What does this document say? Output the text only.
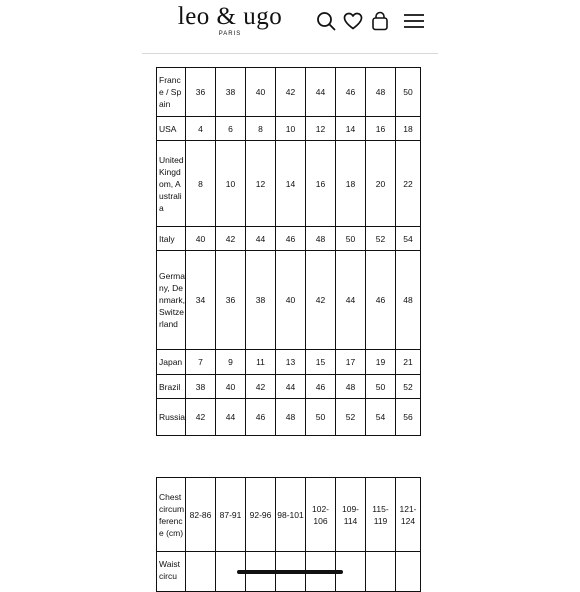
leo & ugo
PARIS
France / Spain	36	38	40	42	44	46	48	50
USA	4	6	8	10	12	14	16	18
United Kingdom, Australia	8	10	12	14	16	18	20	22
Italy	40	42	44	46	48	50	52	54
Germany, Denmark, Switzerland	34	36	38	40	42	44	46	48
Japan	7	9	11	13	15	17	19	21
Brazil	38	40	42	44	46	48	50	52
Russia	42	44	46	48	50	52	54	56
Chest circumference (cm)	82-86	87-91	92-96	98-101	102-106	109-114	115-119	121-124
Waist circu								
